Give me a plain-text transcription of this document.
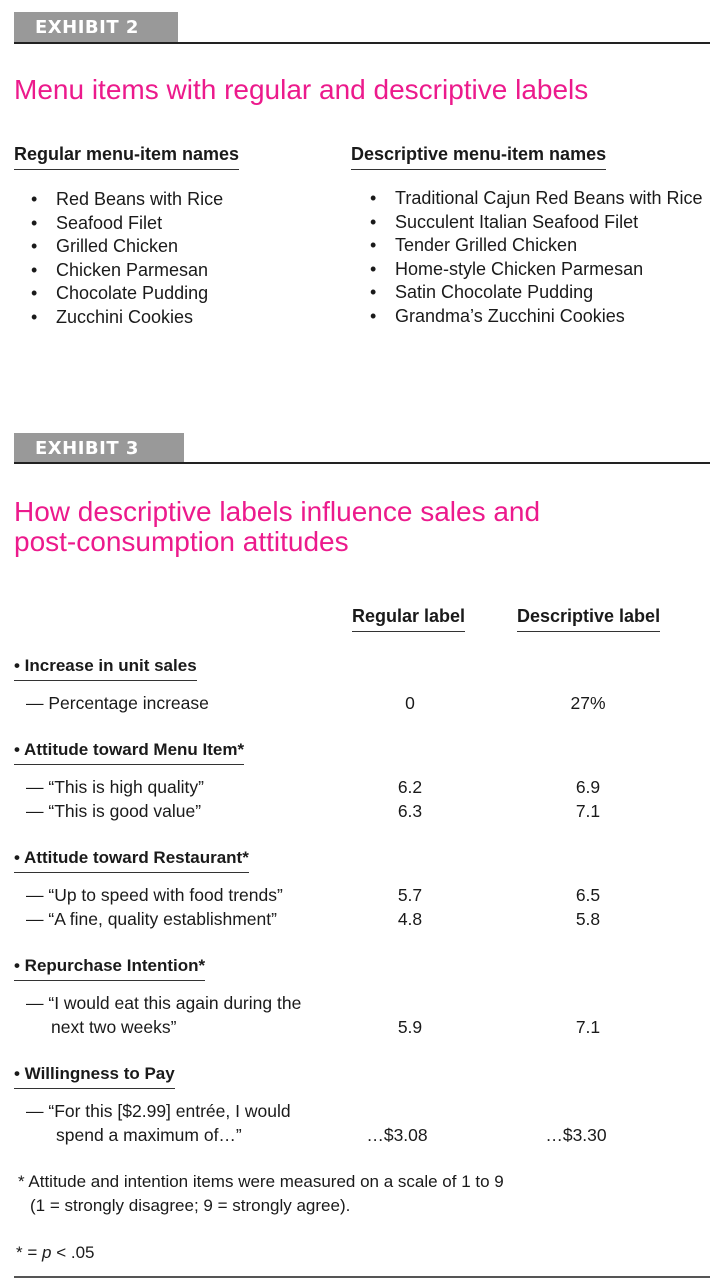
EXHIBIT 2
Menu items with regular and descriptive labels
Regular menu-item names	Descriptive menu-item names
• Red Beans with Rice
• Seafood Filet
• Grilled Chicken
• Chicken Parmesan
• Chocolate Pudding
• Zucchini Cookies
• Traditional Cajun Red Beans with Rice
• Succulent Italian Seafood Filet
• Tender Grilled Chicken
• Home-style Chicken Parmesan
• Satin Chocolate Pudding
• Grandma’s Zucchini Cookies
EXHIBIT 3
How descriptive labels influence sales and
post-consumption attitudes
Regular label	Descriptive label
• Increase in unit sales
— Percentage increase	0	27%
• Attitude toward Menu Item*
— “This is high quality”	6.2	6.9
— “This is good value”	6.3	7.1
• Attitude toward Restaurant*
— “Up to speed with food trends”	5.7	6.5
— “A fine, quality establishment”	4.8	5.8
• Repurchase Intention*
— “I would eat this again during the
next two weeks”	5.9	7.1
• Willingness to Pay
— “For this [$2.99] entrée, I would
spend a maximum of…”	…$3.08	…$3.30
* Attitude and intention items were measured on a scale of 1 to 9
(1 = strongly disagree; 9 = strongly agree).
* = p < .05
